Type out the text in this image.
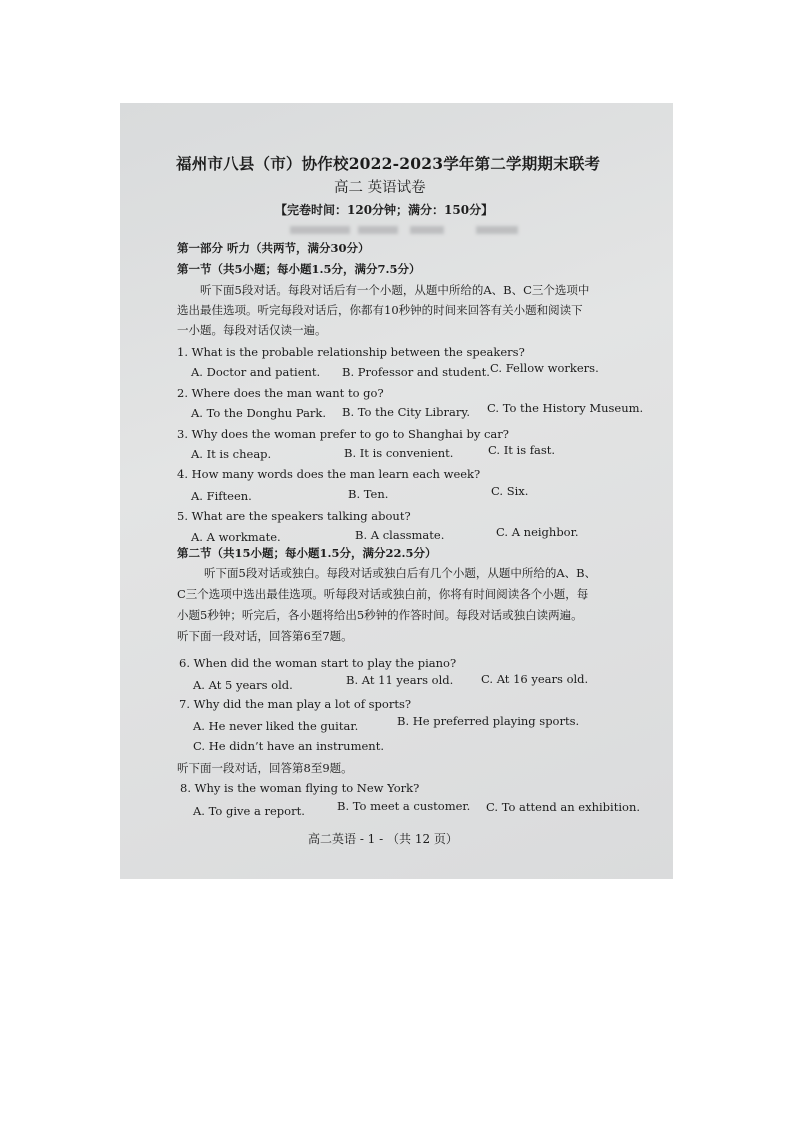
福州市八县（市）协作校2022-2023学年第二学期期末联考
高二 英语试卷
【完卷时间：120分钟；满分：150分】
第一部分 听力（共两节，满分30分）
第一节（共5小题；每小题1.5分，满分7.5分）
听下面5段对话。每段对话后有一个小题，从题中所给的A、B、C三个选项中
选出最佳选项。听完每段对话后，你都有10秒钟的时间来回答有关小题和阅读下
一小题。每段对话仅读一遍。
1. What is the probable relationship between the speakers?
A. Doctor and patient. B. Professor and student. C. Fellow workers.
2. Where does the man want to go?
A. To the Donghu Park. B. To the City Library. C. To the History Museum.
3. Why does the woman prefer to go to Shanghai by car?
A. It is cheap.	B. It is convenient.	C. It is fast.
4. How many words does the man learn each week?
A. Fifteen.	B. Ten.	C. Six.
5. What are the speakers talking about?
A. A workmate.	B. A classmate.	C. A neighbor.
第二节（共15小题；每小题1.5分，满分22.5分）
听下面5段对话或独白。每段对话或独白后有几个小题，从题中所给的A、B、
C三个选项中选出最佳选项。听每段对话或独白前，你将有时间阅读各个小题，每
小题5秒钟；听完后，各小题将给出5秒钟的作答时间。每段对话或独白读两遍。
听下面一段对话，回答第6至7题。
6. When did the woman start to play the piano?
A. At 5 years old.	B. At 11 years old. C. At 16 years old.
7. Why did the man play a lot of sports?
A. He never liked the guitar.	B. He preferred playing sports.
C. He didn’t have an instrument.
听下面一段对话，回答第8至9题。
8. Why is the woman flying to New York?
A. To give a report.	B. To meet a customer. C. To attend an exhibition.
高二英语 - 1 - （共 12 页）
